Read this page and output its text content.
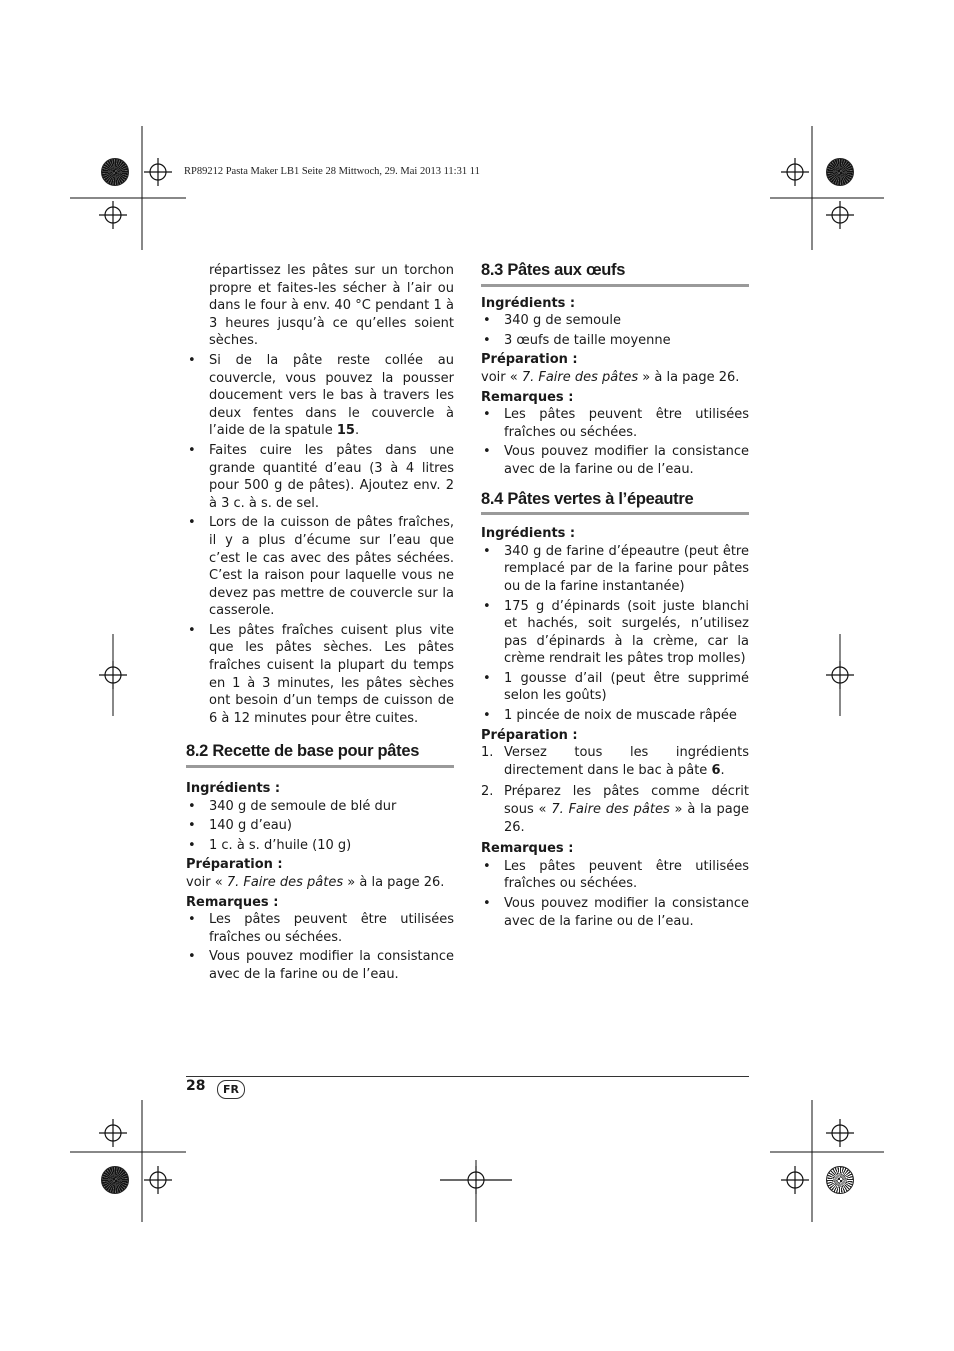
RP89212 Pasta Maker LB1 Seite 28 Mittwoch, 29. Mai 2013 11:31 11

répartissez les pâtes sur un torchon propre et faites-les sécher à l’air ou dans le four à env. 40 °C pendant 1 à 3 heures jusqu’à ce qu’elles soient sèches.

• Si de la pâte reste collée au couvercle, vous pouvez la pousser doucement vers le bas à travers les deux fentes dans le couvercle à l’aide de la spatule 15.
• Faites cuire les pâtes dans une grande quantité d’eau (3 à 4 litres pour 500 g de pâtes). Ajoutez env. 2 à 3 c. à s. de sel.
• Lors de la cuisson de pâtes fraîches, il y a plus d’écume sur l’eau que c’est le cas avec des pâtes séchées. C’est la raison pour laquelle vous ne devez pas mettre de couvercle sur la casserole.
• Les pâtes fraîches cuisent plus vite que les pâtes sèches. Les pâtes fraîches cuisent la plupart du temps en 1 à 3 minutes, les pâtes sèches ont besoin d’un temps de cuisson de 6 à 12 minutes pour être cuites.
8.2 Recette de base pour pâtes

Ingrédients :

• 340 g de semoule de blé dur
• 140 g d’eau)
• 1 c. à s. d’huile (10 g)

Préparation :

voir « 7. Faire des pâtes » à la page 26.

Remarques :

• Les pâtes peuvent être utilisées fraîches ou séchées.
• Vous pouvez modifier la consistance avec de la farine ou de l’eau.
8.3 Pâtes aux œufs

Ingrédients :

• 340 g de semoule
• 3 œufs de taille moyenne

Préparation :

voir « 7. Faire des pâtes » à la page 26.

Remarques :

• Les pâtes peuvent être utilisées fraîches ou séchées.
• Vous pouvez modifier la consistance avec de la farine ou de l’eau.
8.4 Pâtes vertes à l’épeautre

Ingrédients :

• 340 g de farine d’épeautre (peut être remplacé par de la farine pour pâtes ou de la farine instantanée)
• 175 g d’épinards (soit juste blanchi et hachés, soit surgelés, n’utilisez pas d’épinards à la crème, car la crème rendrait les pâtes trop molles)
• 1 gousse d’ail (peut être supprimé selon les goûts)
• 1 pincée de noix de muscade râpée

Préparation :

1. Versez tous les ingrédients directement dans le bac à pâte 6.
2. Préparez les pâtes comme décrit sous « 7. Faire des pâtes » à la page 26.

Remarques :

• Les pâtes peuvent être utilisées fraîches ou séchées.
• Vous pouvez modifier la consistance avec de la farine ou de l’eau.
28	FR
